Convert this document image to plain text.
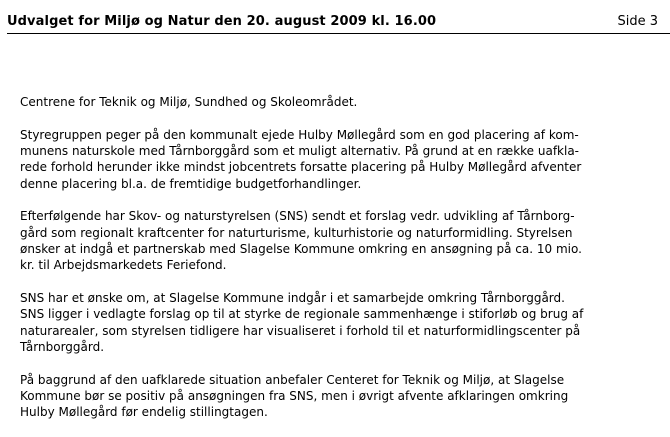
Udvalget for Miljø og Natur den 20. august 2009 kl. 16.00	Side 3

Centrene for Teknik og Miljø, Sundhed og Skoleområdet.

Styregruppen peger på den kommunalt ejede Hulby Møllegård som en god placering af kom-
munens naturskole med Tårnborggård som et muligt alternativ. På grund at en række uafkla-
rede forhold herunder ikke mindst jobcentrets forsatte placering på Hulby Møllegård afventer
denne placering bl.a. de fremtidige budgetforhandlinger.

Efterfølgende har Skov- og naturstyrelsen (SNS) sendt et forslag vedr. udvikling af Tårnborg-
gård som regionalt kraftcenter for naturturisme, kulturhistorie og naturformidling. Styrelsen
ønsker at indgå et partnerskab med Slagelse Kommune omkring en ansøgning på ca. 10 mio.
kr. til Arbejdsmarkedets Feriefond.

SNS har et ønske om, at Slagelse Kommune indgår i et samarbejde omkring Tårnborggård.
SNS ligger i vedlagte forslag op til at styrke de regionale sammenhænge i stiforløb og brug af
naturarealer, som styrelsen tidligere har visualiseret i forhold til et naturformidlingscenter på
Tårnborggård.

På baggrund af den uafklarede situation anbefaler Centeret for Teknik og Miljø, at Slagelse
Kommune bør se positiv på ansøgningen fra SNS, men i øvrigt afvente afklaringen omkring
Hulby Møllegård før endelig stillingtagen.
